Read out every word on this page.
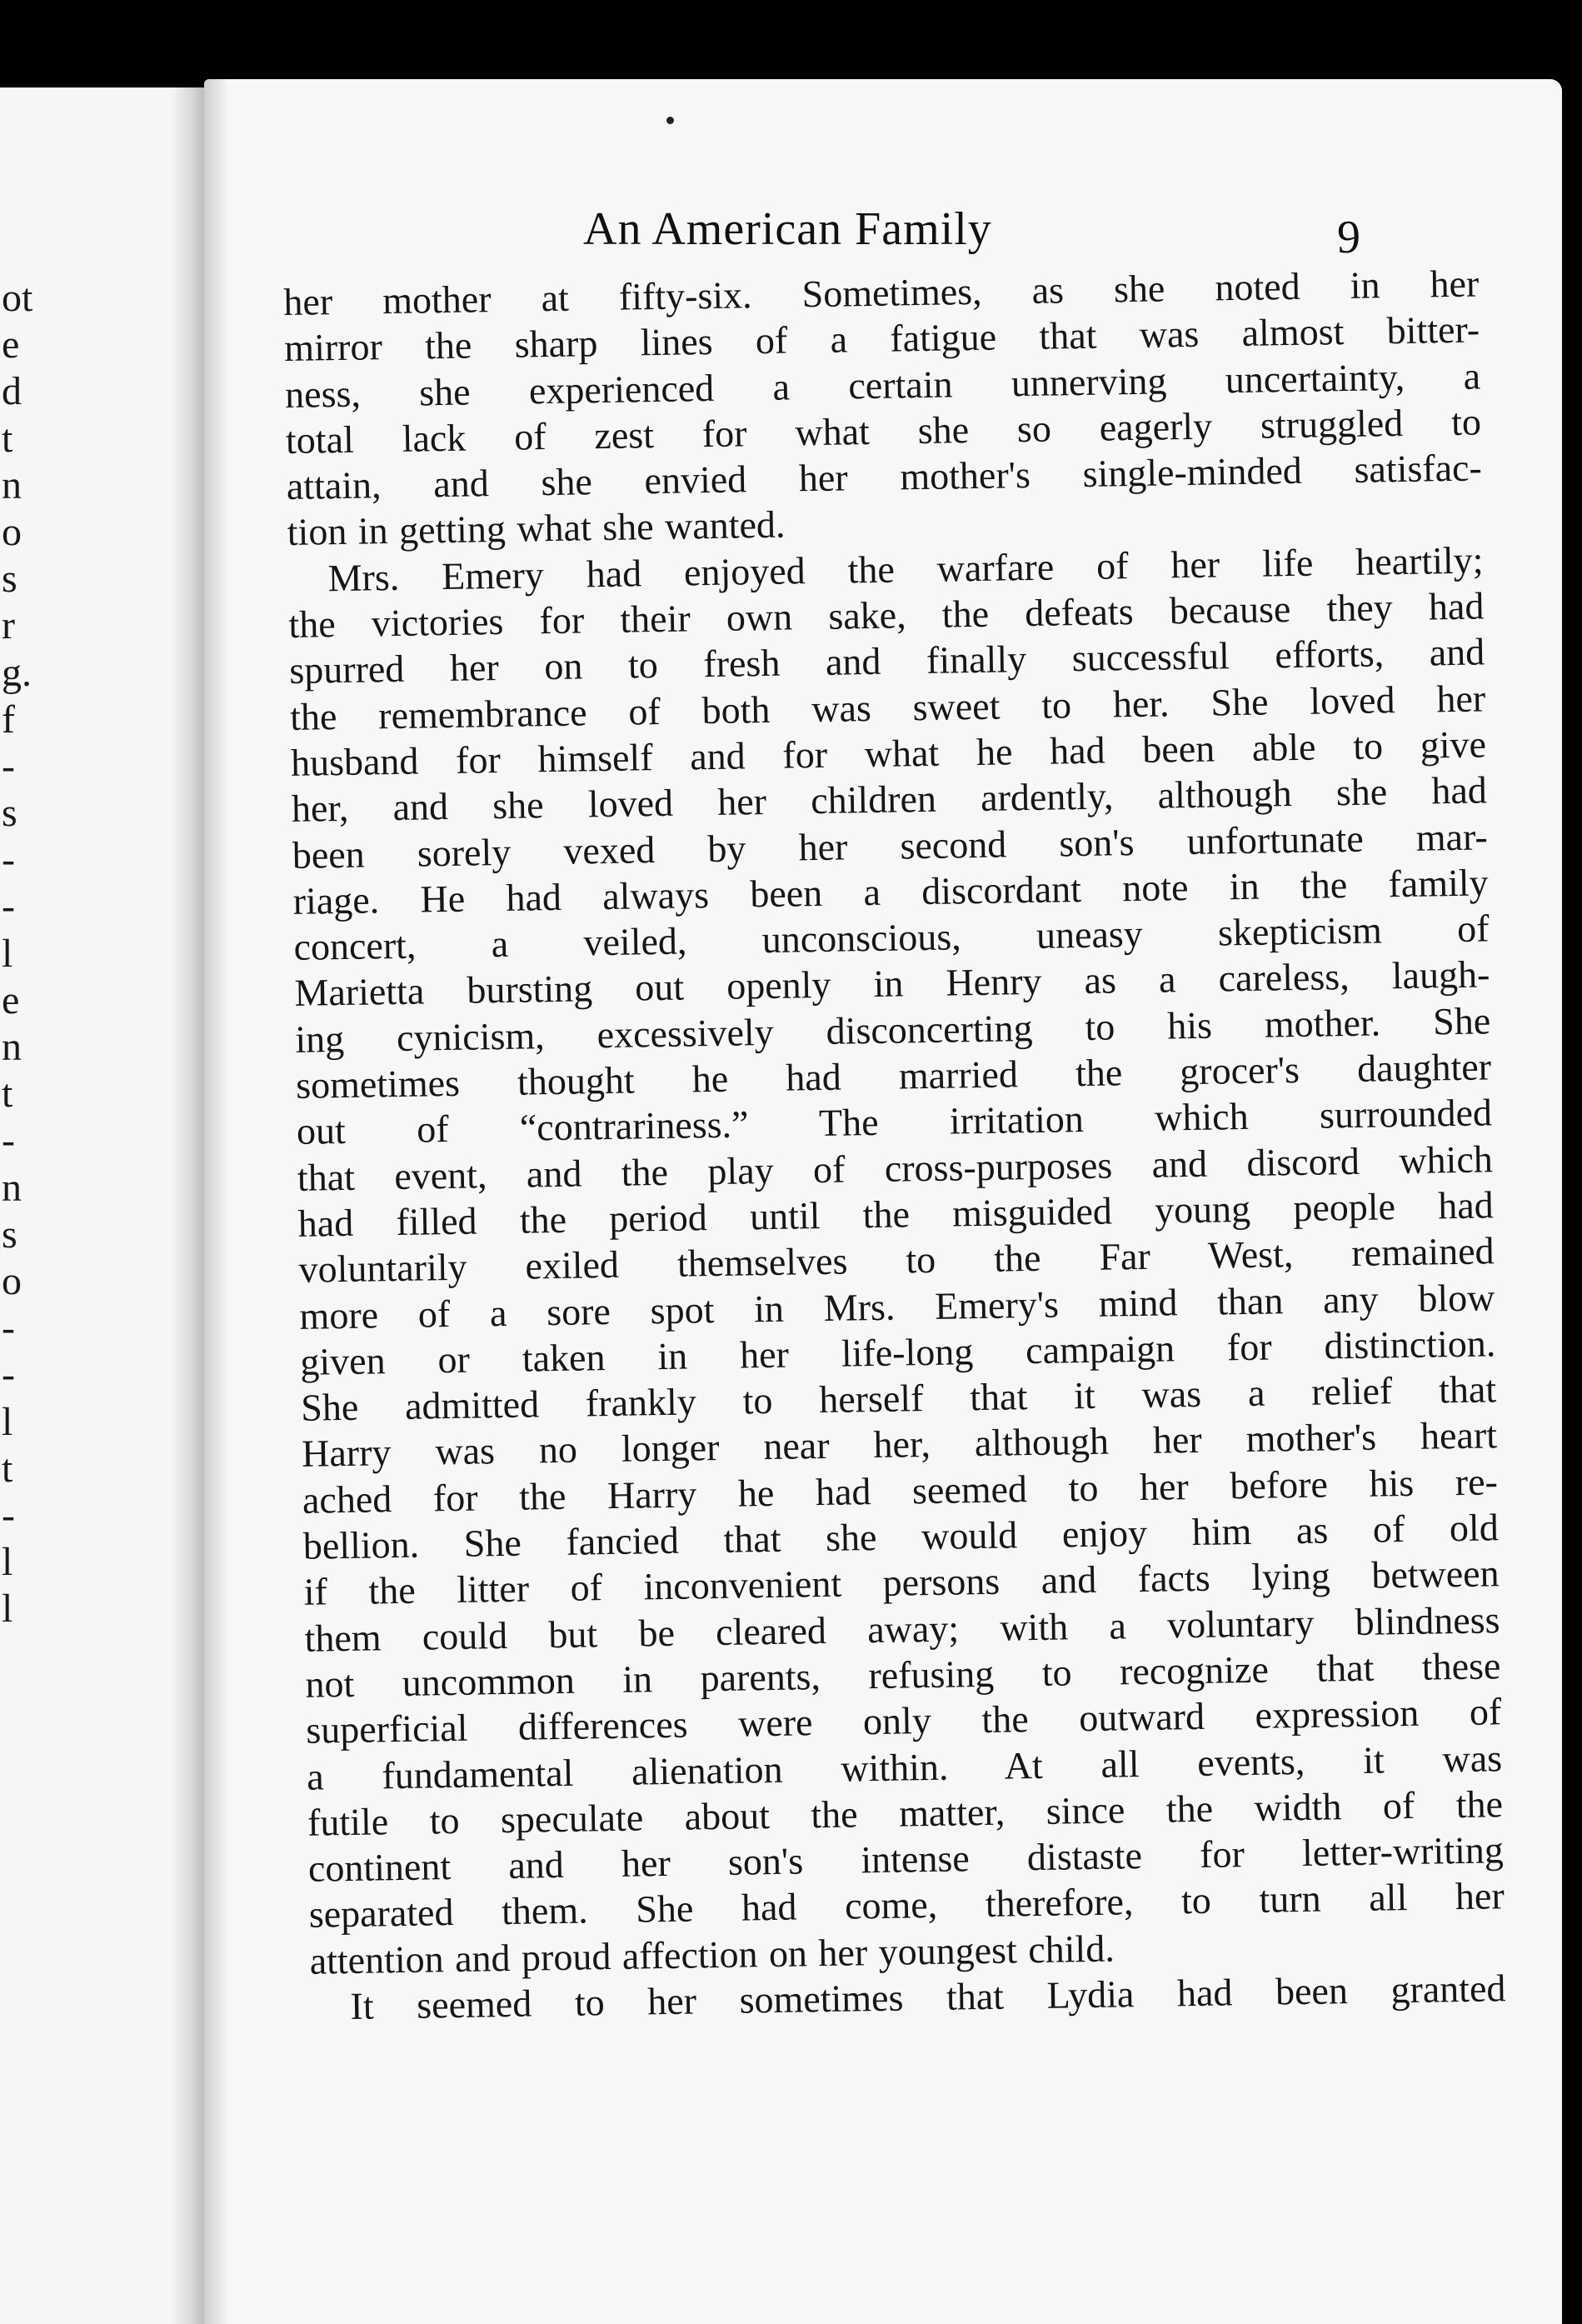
ot
e
d
t
n
o
s
r
g.
f
-
s
-
-
l
e
n
t
-
n
s
o
-
-
l
t
-
l
l
An American Family	9
her mother at fifty-six. Sometimes, as she noted in her
mirror the sharp lines of a fatigue that was almost bitter-
ness, she experienced a certain unnerving uncertainty, a
total lack of zest for what she so eagerly struggled to
attain, and she envied her mother's single-minded satisfac-
tion in getting what she wanted.
Mrs. Emery had enjoyed the warfare of her life heartily;
the victories for their own sake, the defeats because they had
spurred her on to fresh and finally successful efforts, and
the remembrance of both was sweet to her. She loved her
husband for himself and for what he had been able to give
her, and she loved her children ardently, although she had
been sorely vexed by her second son's unfortunate mar-
riage. He had always been a discordant note in the family
concert, a veiled, unconscious, uneasy skepticism of
Marietta bursting out openly in Henry as a careless, laugh-
ing cynicism, excessively disconcerting to his mother. She
sometimes thought he had married the grocer's daughter
out of “contrariness.” The irritation which surrounded
that event, and the play of cross-purposes and discord which
had filled the period until the misguided young people had
voluntarily exiled themselves to the Far West, remained
more of a sore spot in Mrs. Emery's mind than any blow
given or taken in her life-long campaign for distinction.
She admitted frankly to herself that it was a relief that
Harry was no longer near her, although her mother's heart
ached for the Harry he had seemed to her before his re-
bellion. She fancied that she would enjoy him as of old
if the litter of inconvenient persons and facts lying between
them could but be cleared away; with a voluntary blindness
not uncommon in parents, refusing to recognize that these
superficial differences were only the outward expression of
a fundamental alienation within. At all events, it was
futile to speculate about the matter, since the width of the
continent and her son's intense distaste for letter-writing
separated them. She had come, therefore, to turn all her
attention and proud affection on her youngest child.
It seemed to her sometimes that Lydia had been granted
